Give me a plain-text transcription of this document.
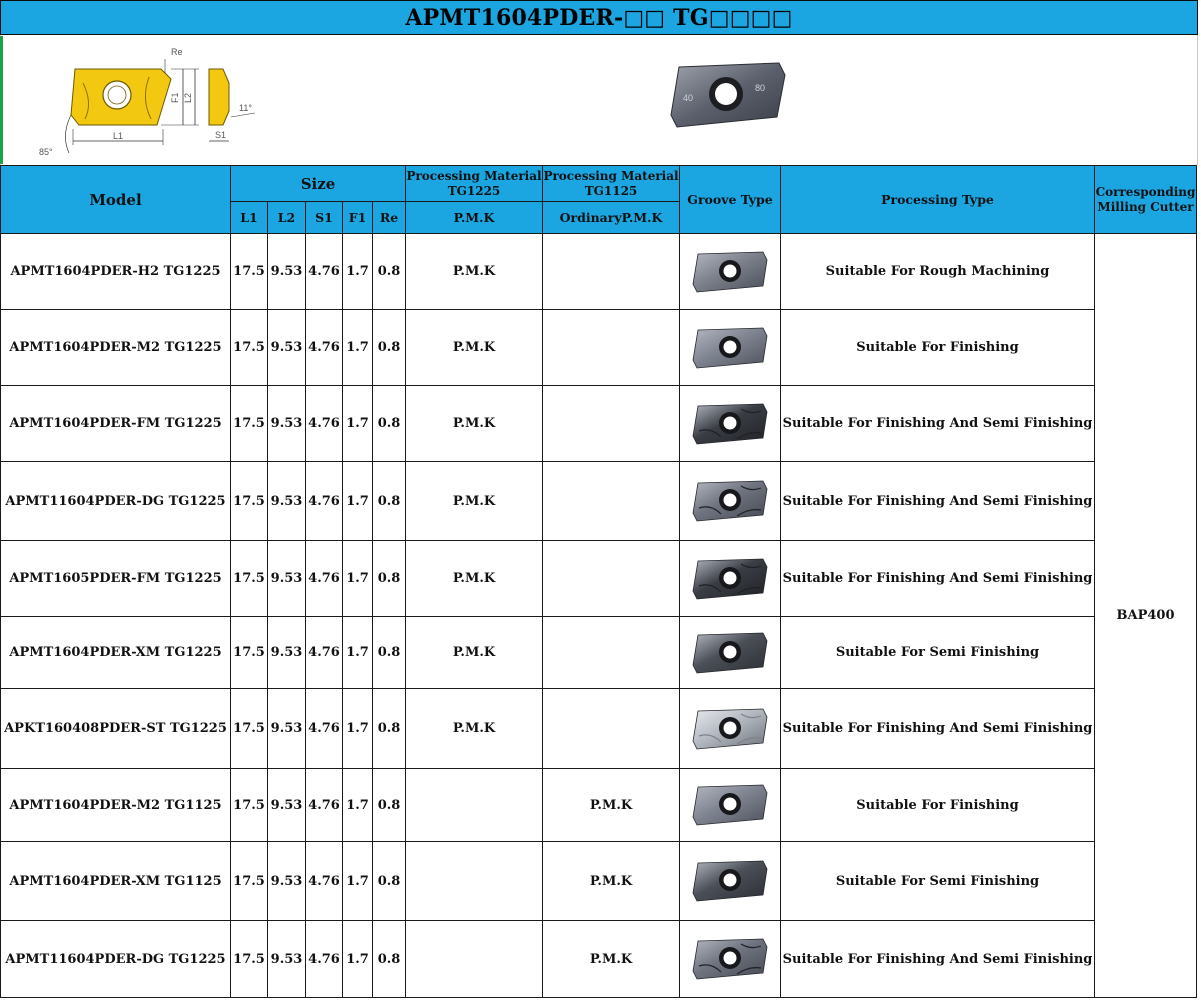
APMT1604PDER-□□ TG□□□□
Re
F1 L2
L1	S1
85°
11°
40
80
Model	Size					Processing Material TG1225	Processing Material TG1125	Groove Type	Processing Type	Corresponding Milling Cutter
	L1	L2	S1	F1	Re	P.M.K	OrdinaryP.M.K			
APMT1604PDER-H2 TG1225	17.5	9.53	4.76	1.7	0.8	P.M.K			Suitable For Rough Machining	BAP400
APMT1604PDER-M2 TG1225	17.5	9.53	4.76	1.7	0.8	P.M.K			Suitable For Finishing	
APMT1604PDER-FM TG1225	17.5	9.53	4.76	1.7	0.8	P.M.K			Suitable For Finishing And Semi Finishing	
APMT11604PDER-DG TG1225	17.5	9.53	4.76	1.7	0.8	P.M.K			Suitable For Finishing And Semi Finishing	
APMT1605PDER-FM TG1225	17.5	9.53	4.76	1.7	0.8	P.M.K			Suitable For Finishing And Semi Finishing	
APMT1604PDER-XM TG1225	17.5	9.53	4.76	1.7	0.8	P.M.K			Suitable For Semi Finishing	
APKT160408PDER-ST TG1225	17.5	9.53	4.76	1.7	0.8	P.M.K			Suitable For Finishing And Semi Finishing	
APMT1604PDER-M2 TG1125	17.5	9.53	4.76	1.7	0.8		P.M.K		Suitable For Finishing	
APMT1604PDER-XM TG1125	17.5	9.53	4.76	1.7	0.8		P.M.K		Suitable For Semi Finishing	
APMT11604PDER-DG TG1225	17.5	9.53	4.76	1.7	0.8		P.M.K		Suitable For Finishing And Semi Finishing	
